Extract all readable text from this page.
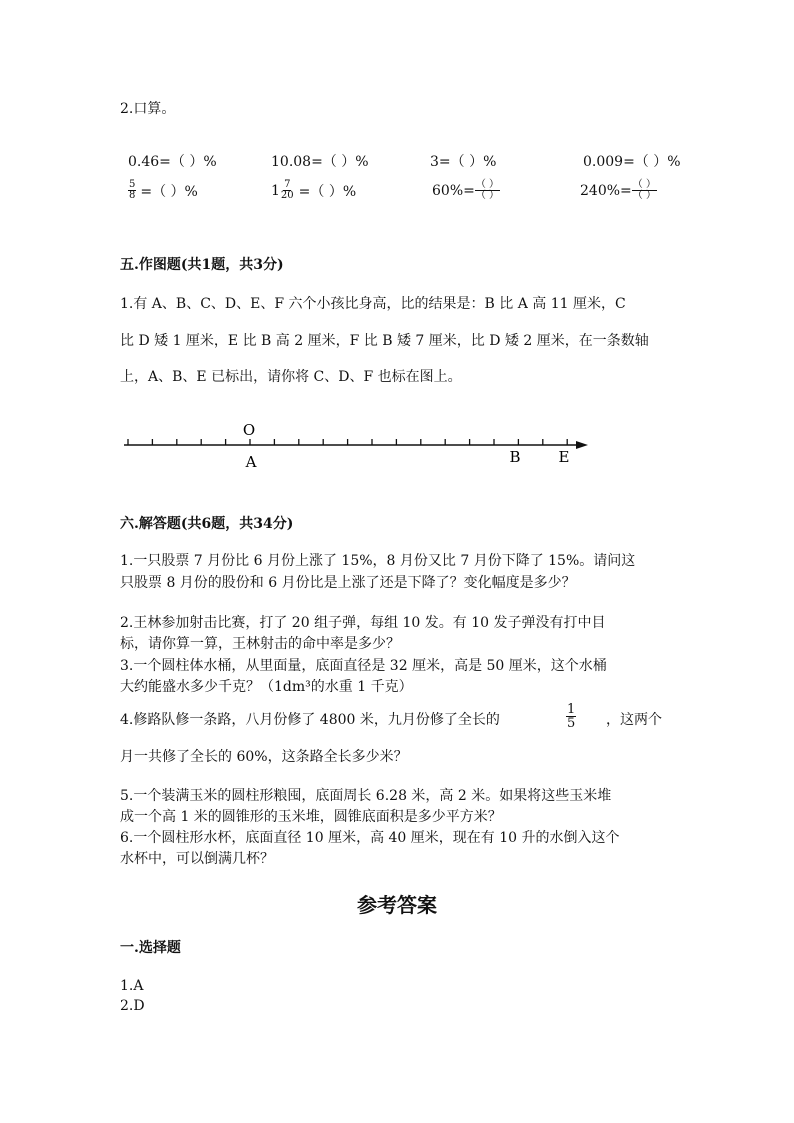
2.口算。
0.46=（ ）%	10.08=（ ）%	3=（ ）%	0.009=（ ）%
$\frac{5}{8}$ =（ ）%	$1 \frac{7}{20}$ =（ ）%	$60\%= \frac{( )}{( )}$	$240\%= \frac{( )}{( )}$
五.作图题(共1题，共3分)
1.有 A、B、C、D、E、F 六个小孩比身高，比的结果是：B 比 A 高 11 厘米，C
比 D 矮 1 厘米，E 比 B 高 2 厘米，F 比 B 矮 7 厘米，比 D 矮 2 厘米，在一条数轴
上，A、B、E 已标出，请你将 C、D、F 也标在图上。
O
A	B	E
六.解答题(共6题，共34分)
1.一只股票 7 月份比 6 月份上涨了 15%，8 月份又比 7 月份下降了 15%。请问这
只股票 8 月份的股份和 6 月份比是上涨了还是下降了？变化幅度是多少？
2.王林参加射击比赛，打了 20 组子弹，每组 10 发。有 10 发子弹没有打中目
标，请你算一算，王林射击的命中率是多少？
3.一个圆柱体水桶，从里面量，底面直径是 32 厘米，高是 50 厘米，这个水桶
大约能盛水多少千克？（1dm³的水重 1 千克）
4.修路队修一条路，八月份修了 4800 米，九月份修了全长的	$\frac{1}{5}$ ，这两个
月一共修了全长的 60%，这条路全长多少米？
5.一个装满玉米的圆柱形粮囤，底面周长 6.28 米，高 2 米。如果将这些玉米堆
成一个高 1 米的圆锥形的玉米堆，圆锥底面积是多少平方米？
6.一个圆柱形水杯，底面直径 10 厘米，高 40 厘米，现在有 10 升的水倒入这个
水杯中，可以倒满几杯？
参考答案
一.选择题
1.A
2.D
